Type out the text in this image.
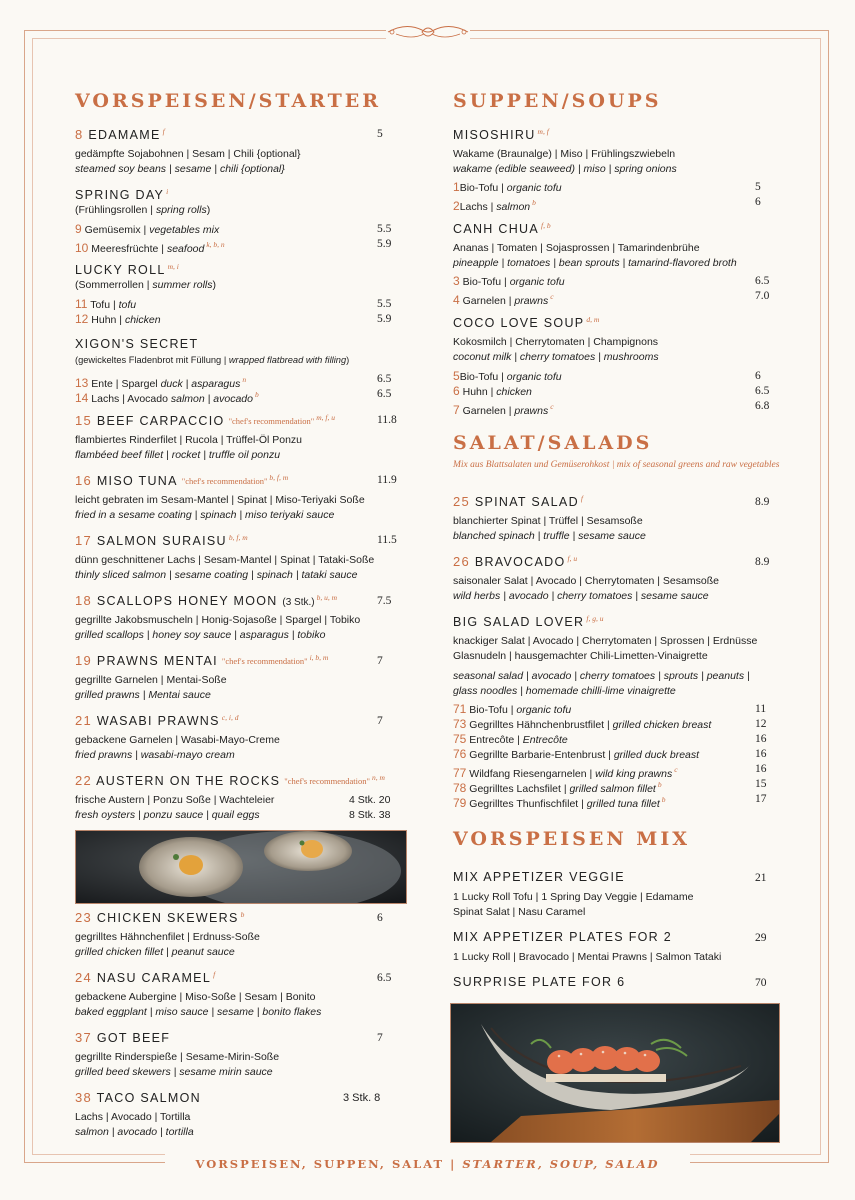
VORSPEISEN, SUPPEN, SALAT | STARTER, SOUP, SALAD
VORSPEISEN/STARTER
8 EDAMAME $^f$	5
gedämpfte Sojabohnen | Sesam | Chili {optional}
steamed soy beans | sesame | chili {optional}
SPRING DAY $^i$
(Frühlingsrollen | spring rolls)
9 Gemüsemix | vegetables mix	5.5
10 Meeresfrüchte | seafood $^{k, b, n}$	5.9
LUCKY ROLL $^{m, i}$
(Sommerrollen | summer rolls)
11 Tofu | tofu	5.5
12 Huhn | chicken	5.9
XIGON'S SECRET
(gewickeltes Fladenbrot mit Füllung | wrapped flatbread with filling)
13 Ente | Spargel duck | asparagus $^n$	6.5
14 Lachs | Avocado salmon | avocado $^b$	6.5
15 BEEF CARPACCIO "chef's recommendation" $^{m, f, u}$	11.8
flambiertes Rinderfilet | Rucola | Trüffel-Öl Ponzu
flambéed beef fillet | rocket | truffle oil ponzu
16 MISO TUNA "chef's recommendation" $^{b, f, m}$	11.9
leicht gebraten im Sesam-Mantel | Spinat | Miso-Teriyaki Soße
fried in a sesame coating | spinach | miso teriyaki sauce
17 SALMON SURAISU $^{b, f, m}$	11.5
dünn geschnittener Lachs | Sesam-Mantel | Spinat | Tataki-Soße
thinly sliced salmon | sesame coating | spinach | tataki sauce
18 SCALLOPS HONEY MOON (3 Stk.) $^{b, u, m}$	7.5
gegrillte Jakobsmuscheln | Honig-Sojasoße | Spargel | Tobiko
grilled scallops | honey soy sauce | asparagus | tobiko
19 PRAWNS MENTAI "chef's recommendation" $^{i, b, m}$	7
gegrillte Garnelen | Mentai-Soße
grilled prawns | Mentai sauce
21 WASABI PRAWNS $^{c, i, d}$	7
gebackene Garnelen | Wasabi-Mayo-Creme
fried prawns | wasabi-mayo cream
22 AUSTERN ON THE ROCKS "chef's recommendation" $^{n, m}$
frische Austern | Ponzu Soße | Wachteleier
fresh oysters | ponzu sauce | quail eggs
4 Stk. 20
8 Stk. 38
23 CHICKEN SKEWERS $^b$	6
gegrilltes Hähnchenfilet | Erdnuss-Soße
grilled chicken fillet | peanut sauce
24 NASU CARAMEL $^f$	6.5
gebackene Aubergine | Miso-Soße | Sesam | Bonito
baked eggplant | miso sauce | sesame | bonito flakes
37 GOT BEEF	7
gegrillte Rinderspieße | Sesame-Mirin-Soße
grilled beed skewers | sesame mirin sauce
38 TACO SALMON	3 Stk. 8
Lachs | Avocado | Tortilla
salmon | avocado | tortilla
SUPPEN/SOUPS
MISOSHIRU $^{m, f}$
Wakame (Braunalge) | Miso | Frühlingszwiebeln
wakame (edible seaweed) | miso | spring onions
1Bio-Tofu | organic tofu	5
2Lachs | salmon $^b$	6
CANH CHUA $^{f, b}$
Ananas | Tomaten | Sojasprossen | Tamarindenbrühe
pineapple | tomatoes | bean sprouts | tamarind-flavored broth
3 Bio-Tofu | organic tofu	6.5
4 Garnelen | prawns $^c$	7.0
COCO LOVE SOUP $^{d, m}$
Kokosmilch | Cherrytomaten | Champignons
coconut milk | cherry tomatoes | mushrooms
5Bio-Tofu | organic tofu	6
6 Huhn | chicken	6.5
7 Garnelen | prawns $^c$	6.8
SALAT/SALADS
Mix aus Blattsalaten und Gemüserohkost | mix of seasonal greens and raw vegetables
25 SPINAT SALAD $^f$	8.9
blanchierter Spinat | Trüffel | Sesamsoße
blanched spinach | truffle | sesame sauce
26 BRAVOCADO $^{f, u}$	8.9
saisonaler Salat | Avocado | Cherrytomaten | Sesamsoße
wild herbs | avocado | cherry tomatoes | sesame sauce
BIG SALAD LOVER $^{f, g, u}$
knackiger Salat | Avocado | Cherrytomaten | Sprossen | Erdnüsse
Glasnudeln | hausgemachter Chili-Limetten-Vinaigrette
seasonal salad | avocado | cherry tomatoes | sprouts | peanuts |
glass noodles | homemade chilli-lime vinaigrette
71 Bio-Tofu | organic tofu	11
73 Gegrilltes Hähnchenbrustfilet | grilled chicken breast	12
75 Entrecôte | Entrecôte	16
76 Gegrillte Barbarie-Entenbrust | grilled duck breast	16
77 Wildfang Riesengarnelen | wild king prawns $^c$	16
78 Gegrilltes Lachsfilet | grilled salmon fillet $^b$	15
79 Gegrilltes Thunfischfilet | grilled tuna fillet $^b$	17
VORSPEISEN MIX
MIX APPETIZER VEGGIE	21
1 Lucky Roll Tofu | 1 Spring Day Veggie | Edamame
Spinat Salat | Nasu Caramel
MIX APPETIZER PLATES FOR 2	29
1 Lucky Roll | Bravocado | Mentai Prawns | Salmon Tataki
SURPRISE PLATE FOR 6	70
